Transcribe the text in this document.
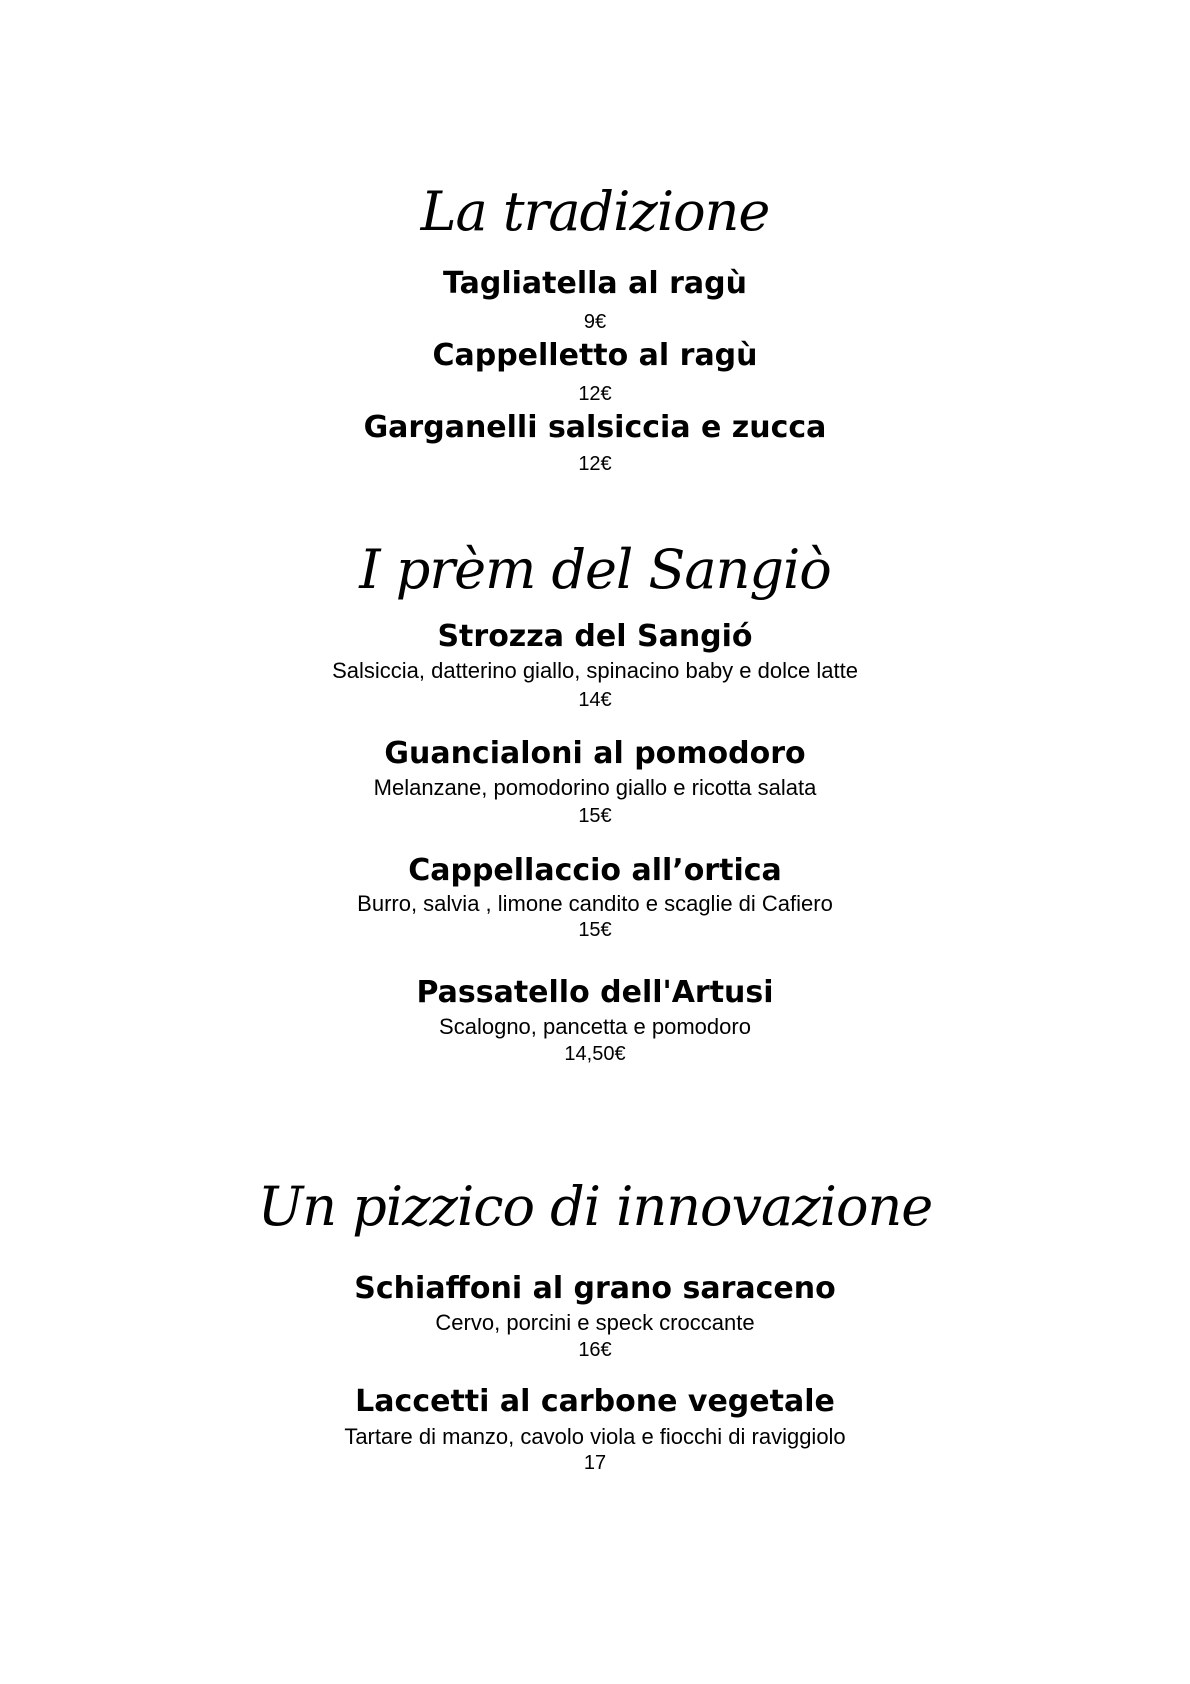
La tradizione
Tagliatella al ragù
9€
Cappelletto al ragù
12€
Garganelli salsiccia e zucca
12€
I prèm del Sangiò
Strozza del Sangió
Salsiccia, datterino giallo, spinacino baby e dolce latte
14€
Guancialoni al pomodoro
Melanzane, pomodorino giallo e ricotta salata
15€
Cappellaccio all’ortica
Burro, salvia , limone candito e scaglie di Cafiero
15€
Passatello dell'Artusi
Scalogno, pancetta e pomodoro
14,50€
Un pizzico di innovazione
Schiaffoni al grano saraceno
Cervo, porcini e speck croccante
16€
Laccetti al carbone vegetale
Tartare di manzo, cavolo viola e fiocchi di raviggiolo
17
